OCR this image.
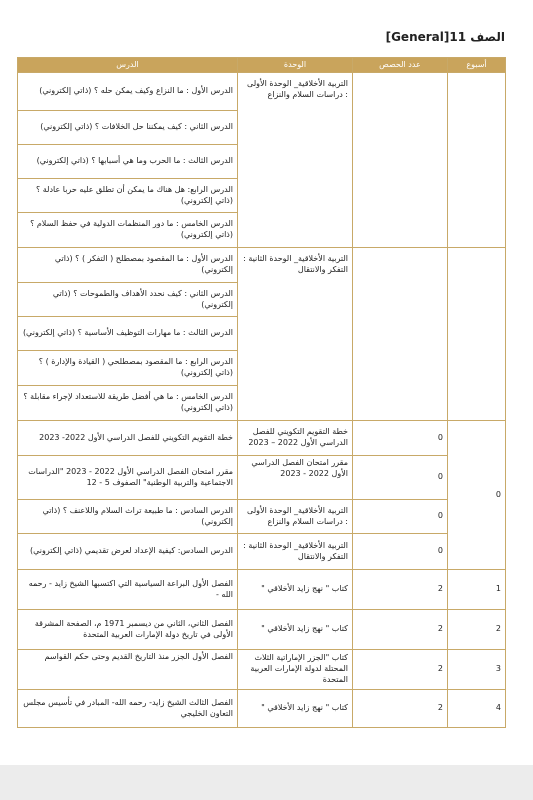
الصف 11[General]
أسبوع	عدد الحصص	الوحدة	الدرس
		التربية الأخلاقية_ الوحدة الأولى : دراسات السلام والنزاع	الدرس الأول : ما النزاع وكيف يمكن حله ؟ (ذاتي إلكتروني)
			الدرس الثاني : كيف يمكننا حل الخلافات ؟ (ذاتي إلكتروني)
			الدرس الثالث : ما الحرب وما هي أسبابها ؟ (ذاتي إلكتروني)
			الدرس الرابع: هل هناك ما يمكن أن تطلق عليه حربا عادلة ؟ (ذاتي إلكتروني)
			الدرس الخامس : ما دور المنظمات الدولية في حفظ السلام ؟ (ذاتي إلكتروني)
		التربية الأخلاقية_ الوحدة الثانية : التفكر والانتقال	الدرس الأول : ما المقصود بمصطلح ( التفكر ) ؟ (ذاتي إلكتروني)
			الدرس الثاني : كيف نحدد الأهداف والطموحات ؟ (ذاتي إلكتروني)
			الدرس الثالث : ما مهارات التوظيف الأساسية ؟ (ذاتي إلكتروني)
			الدرس الرابع : ما المقصود بمصطلحي ( القيادة والإدارة ) ؟ (ذاتي إلكتروني)
			الدرس الخامس : ما هي أفضل طريقة للاستعداد لإجراء مقابلة ؟ (ذاتي إلكتروني)
0	0	خطة التقويم التكويني للفصل الدراسي الأول 2022 – 2023	خطة التقويم التكويني للفصل الدراسي الأول 2022- 2023
	0	مقرر امتحان الفصل الدراسي الأول 2022 - 2023	مقرر امتحان الفصل الدراسي الأول 2022 - 2023 "الدراسات الاجتماعية والتربية الوطنية" الصفوف 5 - 12
	0	التربية الأخلاقية_ الوحدة الأولى : دراسات السلام والنزاع	الدرس السادس : ما طبيعة تراث السلام واللاعنف ؟ (ذاتي إلكتروني)
	0	التربية الأخلاقية_ الوحدة الثانية : التفكر والانتقال	الدرس السادس: كيفية الإعداد لعرض تقديمي (ذاتي إلكتروني)
1	2	كتاب " نهج زايد الأخلاقي "	الفصل الأول البراعة السياسية التي اكتسبها الشيخ زايد - رحمه الله -
2	2	كتاب " نهج زايد الأخلاقي "	الفصل الثاني، الثاني من ديسمبر 1971 م، الصفحة المشرقة الأولى في تاريخ دولة الإمارات العربية المتحدة
3	2	كتاب "الجزر الإماراتية الثلاث المحتلة لدولة الإمارات العربية المتحدة	الفصل الأول الجزر منذ التاريخ القديم وحتى حكم القواسم
4	2	كتاب " نهج زايد الأخلاقي "	الفصل الثالث الشيخ زايد- رحمه الله- المبادر في تأسيس مجلس التعاون الخليجي
